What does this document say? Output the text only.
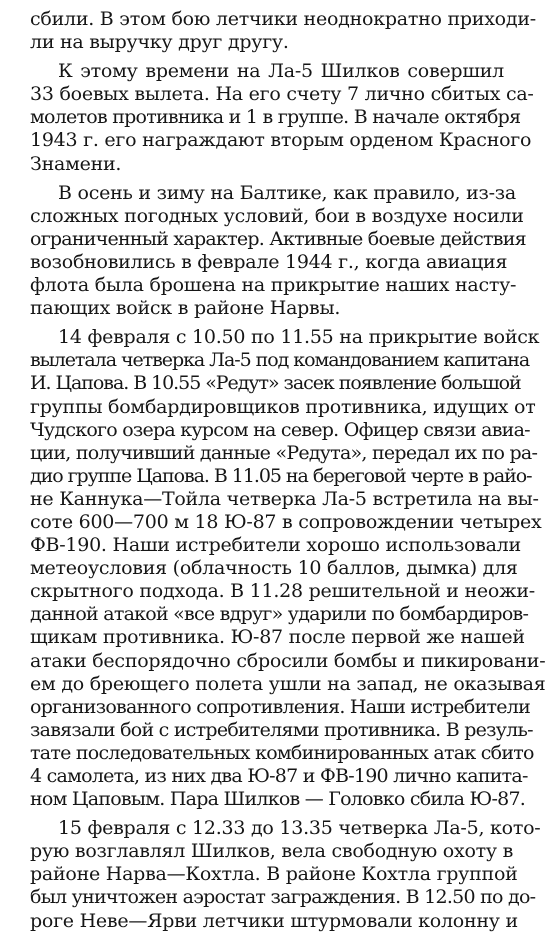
сбили. В этом бою летчики неоднократно приходи-
ли на выручку друг другу.

К этому времени на Ла-5 Шилков совершил
33 боевых вылета. На его счету 7 лично сбитых са-
молетов противника и 1 в группе. В начале октября
1943 г. его награждают вторым орденом Красного
Знамени.

В осень и зиму на Балтике, как правило, из-за
сложных погодных условий, бои в воздухе носили
ограниченный характер. Активные боевые действия
возобновились в феврале 1944 г., когда авиация
флота была брошена на прикрытие наших насту-
пающих войск в районе Нарвы.

14 февраля с 10.50 по 11.55 на прикрытие войск
вылетала четверка Ла-5 под командованием капитана
И. Цапова. В 10.55 «Редут» засек появление большой
группы бомбардировщиков противника, идущих от
Чудского озера курсом на север. Офицер связи авиа-
ции, получивший данные «Редута», передал их по ра-
дио группе Цапова. В 11.05 на береговой черте в райо-
не Каннука—Тойла четверка Ла-5 встретила на вы-
соте 600—700 м 18 Ю-87 в сопровождении четырех
ФВ-190. Наши истребители хорошо использовали
метеоусловия (облачность 10 баллов, дымка) для
скрытного подхода. В 11.28 решительной и неожи-
данной атакой «все вдруг» ударили по бомбардиров-
щикам противника. Ю-87 после первой же нашей
атаки беспорядочно сбросили бомбы и пикировани-
ем до бреющего полета ушли на запад, не оказывая
организованного сопротивления. Наши истребители
завязали бой с истребителями противника. В резуль-
тате последовательных комбинированных атак сбито
4 самолета, из них два Ю-87 и ФВ-190 лично капита-
ном Цаповым. Пара Шилков — Головко сбила Ю-87.

15 февраля с 12.33 до 13.35 четверка Ла-5, кото-
рую возглавлял Шилков, вела свободную охоту в
районе Нарва—Кохтла. В районе Кохтла группой
был уничтожен аэростат заграждения. В 12.50 по до-
роге Неве—Ярви летчики штурмовали колонну и
